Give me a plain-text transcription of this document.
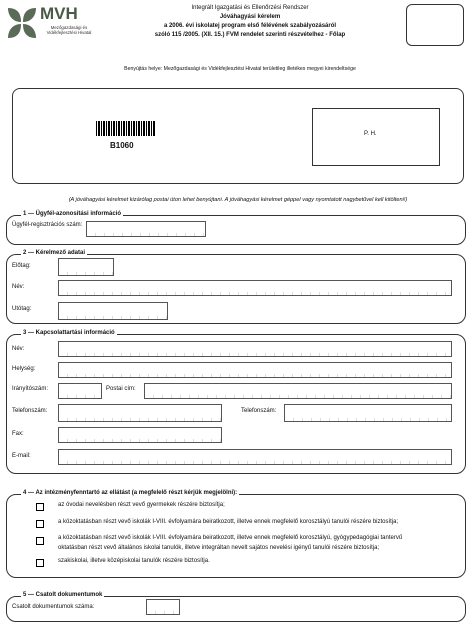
MVH
Mezőgazdasági és Vidékfejlesztési Hivatal
Integrált Igazgatási és Ellenőrzési Rendszer
Jóváhagyási kérelem
a 2006. évi iskolatej program első félévének szabályozásáról
szóló 115 /2005. (XII. 15.) FVM rendelet szerinti részvételhez - Főlap
Benyújtás helye: Mezőgazdasági és Vidékfejlesztési Hivatal területileg illetékes megyei kirendeltsége
B1060
P. H.
(A jóváhagyási kérelmet kizárólag postai úton lehet benyújtani. A jóváhagyási kérelmet géppel vagy nyomtatott nagybetűvel kell kitölteni!)
1 — Ügyfél-azonosítási információ
Ügyfél-regisztrációs szám:
2 — Kérelmező adatai
Előtag:
Név:
Utótag:
3 — Kapcsolattartási információ
Név:
Helység:
Irányítószám:	Postai cím:
Telefonszám:	Telefonszám:
Fax:
E-mail:
4 — Az intézményfenntartó az ellátást (a megfelelő részt kérjük megjelölni):
az óvodai nevelésben részt vevő gyermekek részére biztosítja;
a közoktatásban részt vevő iskolák I-VIII. évfolyamára beiratkozott, illetve ennek megfelelő korosztályú tanulói részére biztosítja;
a közoktatásban részt vevő iskolák I-VIII. évfolyamára beiratkozott, illetve ennek megfelelő korosztályú, gyógypedagógiai tantervű
oktatásban részt vevő általános iskolai tanulók, illetve integráltan nevelt sajátos nevelési igényű tanulói részére biztosítja;
szakiskolai, illetve középiskolai tanulók részére biztosítja.
5 — Csatolt dokumentumok
Csatolt dokumentumok száma:
